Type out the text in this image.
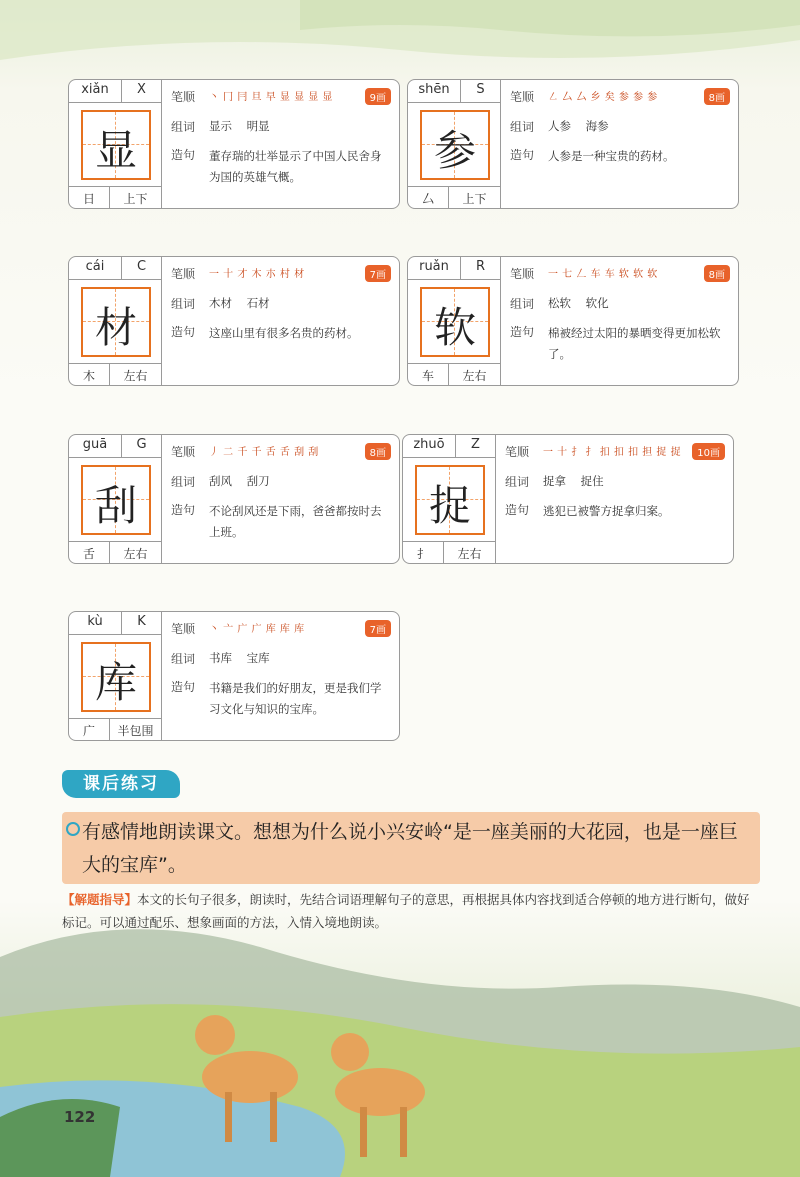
xiǎn	X
显
日	上下
笔顺 丶 冂 冃 旦 早 显 显 显 显	9画
组词 显示    明显
造句 董存瑞的壮举显示了中国人民舍身为国的英雄气概。
shēn	S
参
厶	上下
笔顺 ㇜ 厶 厶 乡 矣 参 参 参	8画
组词 人参    海参
造句 人参是一种宝贵的药材。
cái	C
材
木	左右
笔顺 一 十 才 木 朩 村 材	7画
组词 木材    石材
造句 这座山里有很多名贵的药材。
ruǎn	R
软
车	左右
笔顺 一 七 𠃋 车 车 软 软 软	8画
组词 松软    软化
造句 棉被经过太阳的暴晒变得更加松软了。
guā	G
刮
舌	左右
笔顺 丿 二 千 千 舌 舌 刮 刮	8画
组词 刮风    刮刀
造句 不论刮风还是下雨，爸爸都按时去上班。
zhuō	Z
捉
扌	左右
笔顺 一 十 扌 扌 扣 扣 扣 担 捉 捉	10画
组词 捉拿    捉住
造句 逃犯已被警方捉拿归案。
kù	K
库
广	半包围
笔顺 丶 亠 广 广 库 库 库	7画
组词 书库    宝库
造句 书籍是我们的好朋友，更是我们学习文化与知识的宝库。
课后练习
有感情地朗读课文。想想为什么说小兴安岭“是一座美丽的大花园，也是一座巨大的宝库”。
【解题指导】本文的长句子很多，朗读时，先结合词语理解句子的意思，再根据具体内容找到适合停顿的地方进行断句，做好标记。可以通过配乐、想象画面的方法，入情入境地朗读。
122
